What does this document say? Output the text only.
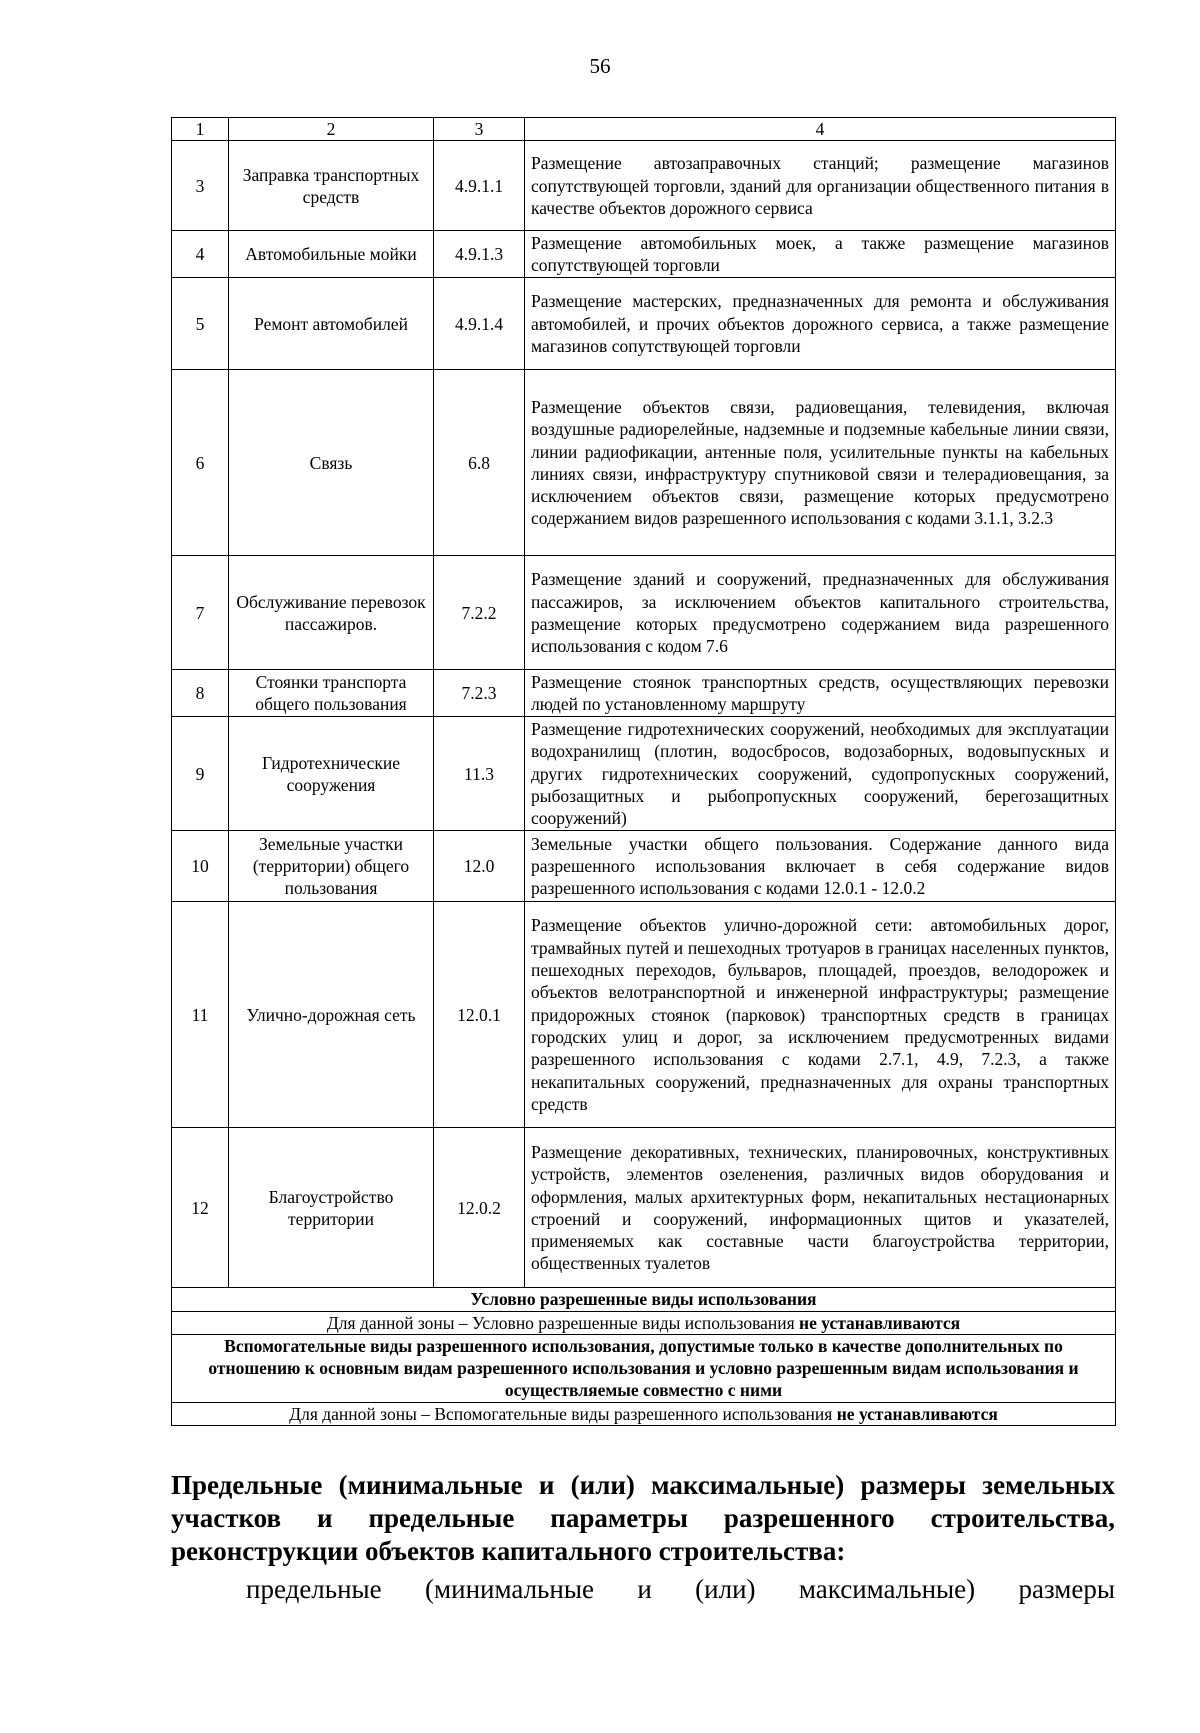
56
1	2	3	4
3	Заправка транспортных средств	4.9.1.1	Размещение автозаправочных станций; размещение магазинов сопутствующей торговли, зданий для организации общественного питания в качестве объектов дорожного сервиса
4	Автомобильные мойки	4.9.1.3	Размещение автомобильных моек, а также размещение магазинов сопутствующей торговли
5	Ремонт автомобилей	4.9.1.4	Размещение мастерских, предназначенных для ремонта и обслуживания автомобилей, и прочих объектов дорожного сервиса, а также размещение магазинов сопутствующей торговли
6	Связь	6.8	Размещение объектов связи, радиовещания, телевидения, включая воздушные радиорелейные, надземные и подземные кабельные линии связи, линии радиофикации, антенные поля, усилительные пункты на кабельных линиях связи, инфраструктуру спутниковой связи и телерадиовещания, за исключением объектов связи, размещение которых предусмотрено содержанием видов разрешенного использования с кодами 3.1.1, 3.2.3
7	Обслуживание перевозок пассажиров.	7.2.2	Размещение зданий и сооружений, предназначенных для обслуживания пассажиров, за исключением объектов капитального строительства, размещение которых предусмотрено содержанием вида разрешенного использования с кодом 7.6
8	Стоянки транспорта общего пользования	7.2.3	Размещение стоянок транспортных средств, осуществляющих перевозки людей по установленному маршруту
9	Гидротехнические сооружения	11.3	Размещение гидротехнических сооружений, необходимых для эксплуатации водохранилищ (плотин, водосбросов, водозаборных, водовыпускных и других гидротехнических сооружений, судопропускных сооружений, рыбозащитных и рыбопропускных сооружений, берегозащитных сооружений)
10	Земельные участки (территории) общего пользования	12.0	Земельные участки общего пользования. Содержание данного вида разрешенного использования включает в себя содержание видов разрешенного использования с кодами 12.0.1 - 12.0.2
11	Улично-дорожная сеть	12.0.1	Размещение объектов улично-дорожной сети: автомобильных дорог, трамвайных путей и пешеходных тротуаров в границах населенных пунктов, пешеходных переходов, бульваров, площадей, проездов, велодорожек и объектов велотранспортной и инженерной инфраструктуры; размещение придорожных стоянок (парковок) транспортных средств в границах городских улиц и дорог, за исключением предусмотренных видами разрешенного использования с кодами 2.7.1, 4.9, 7.2.3, а также некапитальных сооружений, предназначенных для охраны транспортных средств
12	Благоустройство территории	12.0.2	Размещение декоративных, технических, планировочных, конструктивных устройств, элементов озеленения, различных видов оборудования и оформления, малых архитектурных форм, некапитальных нестационарных строений и сооружений, информационных щитов и указателей, применяемых как составные части благоустройства территории, общественных туалетов
Условно разрешенные виды использования			
Для данной зоны – Условно разрешенные виды использования не устанавливаются			
Вспомогательные виды разрешенного использования, допустимые только в качестве дополнительных по отношению к основным видам разрешенного использования и условно разрешенным видам использования и осуществляемые совместно с ними			
Для данной зоны – Вспомогательные виды разрешенного использования не устанавливаются			
Предельные (минимальные и (или) максимальные) размеры земельных участков и предельные параметры разрешенного строительства, реконструкции объектов капитального строительства:
предельные (минимальные и (или) максимальные) размеры
